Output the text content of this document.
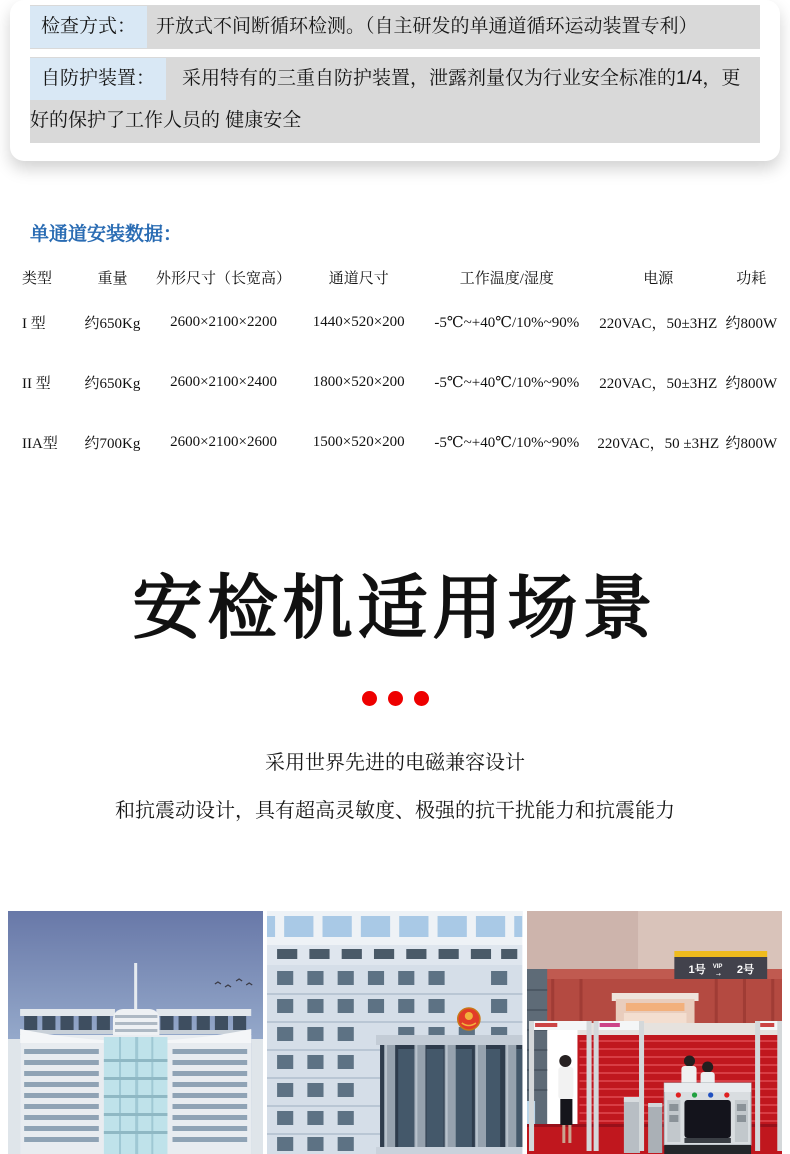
检查方式：	开放式不间断循环检测。（自主研发的单通道循环运动装置专利）
自防护装置：	采用特有的三重自防护装置，泄露剂量仅为行业安全标准的1/4，更好的保护了工作人员的 健康安全
单通道安装数据：
类型	重量	外形尺寸（长宽高）	通道尺寸	工作温度/湿度	电源	功耗
I 型	约650Kg	2600×2100×2200	1440×520×200	-5℃~+40℃/10%~90%	220VAC，50±3HZ	约800W
II 型	约650Kg	2600×2100×2400	1800×520×200	-5℃~+40℃/10%~90%	220VAC，50±3HZ	约800W
IIA型	约700Kg	2600×2100×2600	1500×520×200	-5℃~+40℃/10%~90%	220VAC，50 ±3HZ	约800W
安检机适用场景
采用世界先进的电磁兼容设计
和抗震动设计，具有超高灵敏度、极强的抗干扰能力和抗震能力
1号 VIP
→ 2号
